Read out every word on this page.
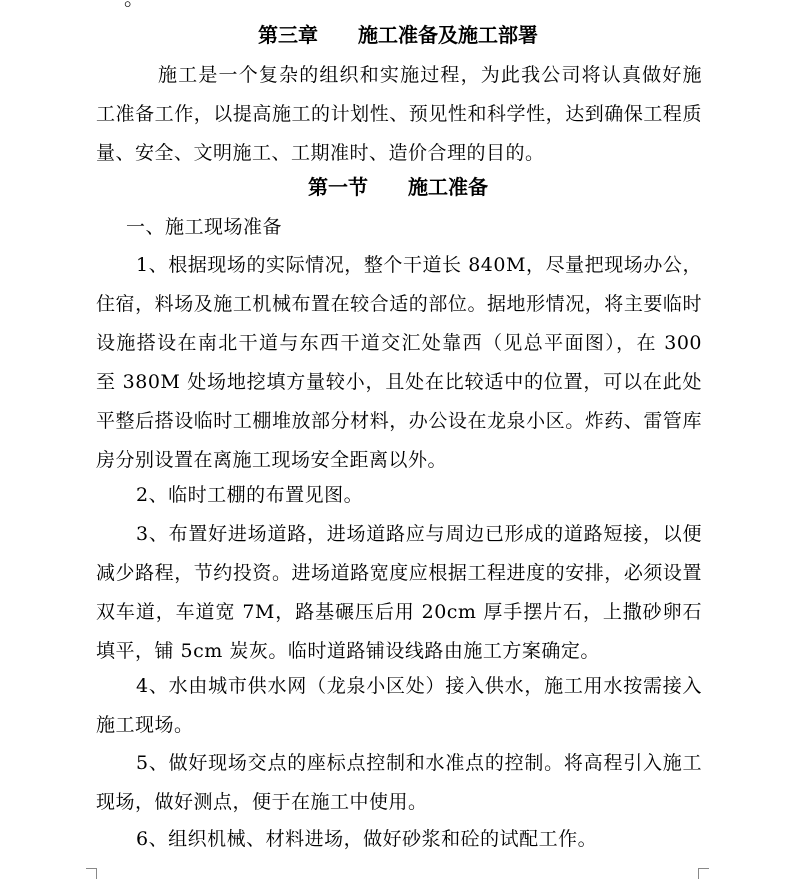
第三章　　施工准备及施工部署
施工是一个复杂的组织和实施过程，为此我公司将认真做好施工准备工作，以提高施工的计划性、预见性和科学性，达到确保工程质量、安全、文明施工、工期准时、造价合理的目的。
第一节　　施工准备
一、施工现场准备
1、根据现场的实际情况，整个干道长 840M，尽量把现场办公，住宿，料场及施工机械布置在较合适的部位。据地形情况，将主要临时设施搭设在南北干道与东西干道交汇处靠西（见总平面图），在 300 至 380M 处场地挖填方量较小，且处在比较适中的位置，可以在此处平整后搭设临时工棚堆放部分材料，办公设在龙泉小区。炸药、雷管库房分别设置在离施工现场安全距离以外。
2、临时工棚的布置见图。
3、布置好进场道路，进场道路应与周边已形成的道路短接，以便减少路程，节约投资。进场道路宽度应根据工程进度的安排，必须设置双车道，车道宽 7M，路基碾压后用 20cm 厚手摆片石，上撒砂卵石填平，铺 5cm 炭灰。临时道路铺设线路由施工方案确定。
4、水由城市供水网（龙泉小区处）接入供水，施工用水按需接入施工现场。
5、做好现场交点的座标点控制和水准点的控制。将高程引入施工现场，做好测点，便于在施工中使用。
6、组织机械、材料进场，做好砂浆和砼的试配工作。
